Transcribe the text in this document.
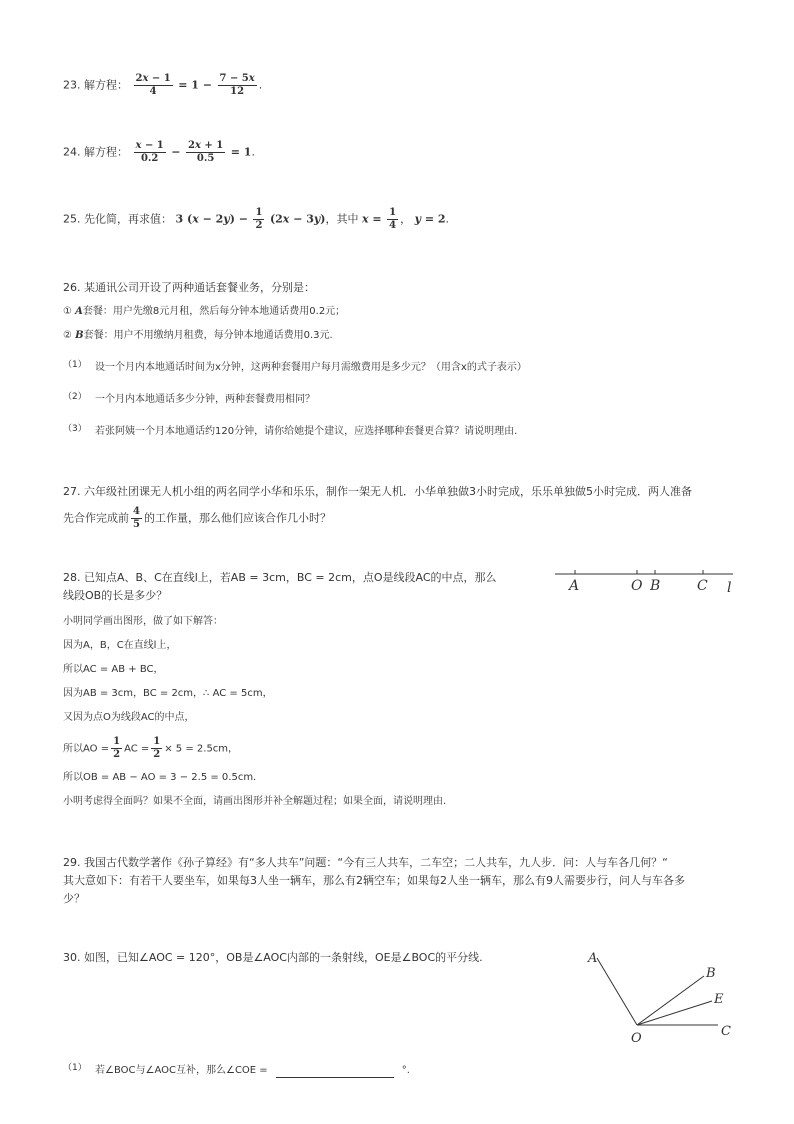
23. 解方程： $\frac{2x - 1}{4} = 1 - \frac{7 - 5x}{12}$ .
24. 解方程： $\frac{x - 1}{0.2} - \frac{2x + 1}{0.5} = 1$.
25. 先化简，再求值： 3 $(x - 2y) - \frac{1}{2} (2x - 3y)$，其中 $x = \frac{1}{4}$ ， y = 2.
26. 某通讯公司开设了两种通话套餐业务，分别是：
① A套餐：用户先缴8元月租，然后每分钟本地通话费用0.2元；
② B套餐：用户不用缴纳月租费，每分钟本地通话费用0.3元.
（1） 设一个月内本地通话时间为x分钟，这两种套餐用户每月需缴费用是多少元？（用含x的式子表示）
（2） 一个月内本地通话多少分钟，两种套餐费用相同？
（3） 若张阿姨一个月本地通话约120分钟，请你给她提个建议，应选择哪种套餐更合算？请说明理由.
27. 六年级社团课无人机小组的两名同学小华和乐乐，制作一架无人机．小华单独做3小时完成，乐乐单独做5小时完成．两人准备
先合作完成前 $\frac{4}{5}$ 的工作量，那么他们应该合作几小时？
28. 已知点A、B、C在直线l上，若AB = 3cm，BC = 2cm，点O是线段AC的中点，那么
线段OB的长是多少？
小明同学画出图形，做了如下解答：
因为A，B，C在直线l上，
所以AC = AB + BC，
因为AB = 3cm，BC = 2cm，∴ AC = 5cm，
又因为点O为线段AC的中点，
所以AO = $\frac{1}{2}$ AC = $\frac{1}{2} \times 5 = 2.5cm$，
所以OB = AB − AO = 3 − 2.5 = 0.5cm.
小明考虑得全面吗？如果不全面，请画出图形并补全解题过程；如果全面，请说明理由.
A	O B	C l
29. 我国古代数学著作《孙子算经》有“多人共车”问题：“今有三人共车，二车空；二人共车，九人步．问：人与车各几何？“
其大意如下：有若干人要坐车，如果每3人坐一辆车，那么有2辆空车；如果每2人坐一辆车，那么有9人需要步行，问人与车各多
少？
30. 如图，已知∠AOC = 120°，OB是∠AOC内部的一条射线，OE是∠BOC的平分线.	A
B
E
O	C
（1） 若∠BOC与∠AOC互补，那么∠COE =	°.
